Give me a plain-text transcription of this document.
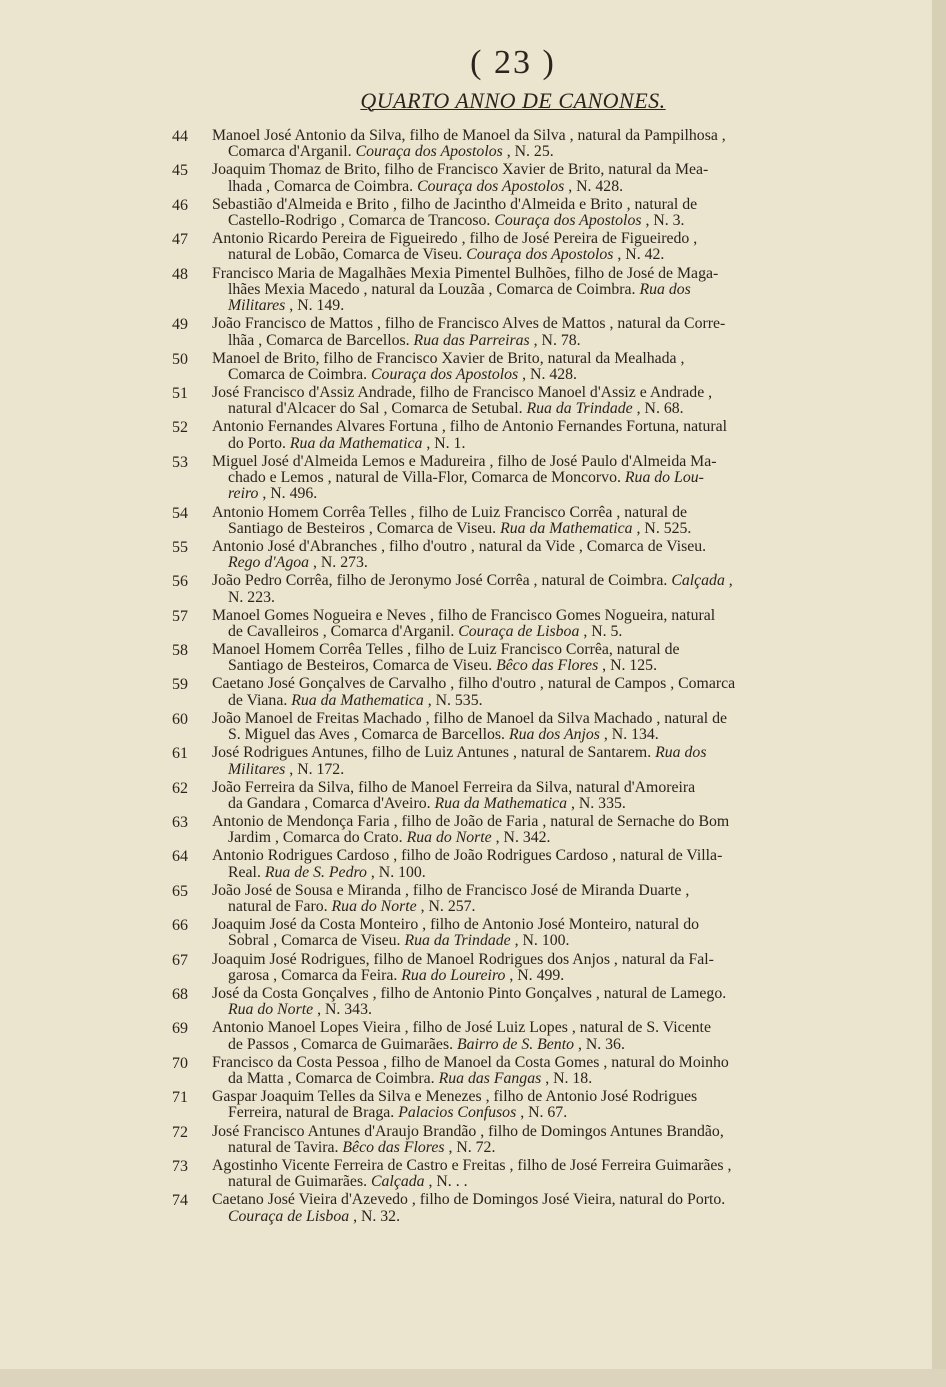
( 23 )
QUARTO ANNO DE CANONES.
44 Manoel José Antonio da Silva, filho de Manoel da Silva , natural da Pampilhosa ,
Comarca d'Arganil. Couraça dos Apostolos , N. 25.
45 Joaquim Thomaz de Brito, filho de Francisco Xavier de Brito, natural da Mea-
lhada , Comarca de Coimbra. Couraça dos Apostolos , N. 428.
46 Sebastião d'Almeida e Brito , filho de Jacintho d'Almeida e Brito , natural de
Castello-Rodrigo , Comarca de Trancoso. Couraça dos Apostolos , N. 3.
47 Antonio Ricardo Pereira de Figueiredo , filho de José Pereira de Figueiredo ,
natural de Lobão, Comarca de Viseu. Couraça dos Apostolos , N. 42.
48 Francisco Maria de Magalhães Mexia Pimentel Bulhões, filho de José de Maga-
lhães Mexia Macedo , natural da Louzãa , Comarca de Coimbra. Rua dos
Militares , N. 149.
49 João Francisco de Mattos , filho de Francisco Alves de Mattos , natural da Corre-
lhãa , Comarca de Barcellos. Rua das Parreiras , N. 78.
50 Manoel de Brito, filho de Francisco Xavier de Brito, natural da Mealhada ,
Comarca de Coimbra. Couraça dos Apostolos , N. 428.
51 José Francisco d'Assiz Andrade, filho de Francisco Manoel d'Assiz e Andrade ,
natural d'Alcacer do Sal , Comarca de Setubal. Rua da Trindade , N. 68.
52 Antonio Fernandes Alvares Fortuna , filho de Antonio Fernandes Fortuna, natural
do Porto. Rua da Mathematica , N. 1.
53 Miguel José d'Almeida Lemos e Madureira , filho de José Paulo d'Almeida Ma-
chado e Lemos , natural de Villa-Flor, Comarca de Moncorvo. Rua do Lou-
reiro , N. 496.
54 Antonio Homem Corrêa Telles , filho de Luiz Francisco Corrêa , natural de
Santiago de Besteiros , Comarca de Viseu. Rua da Mathematica , N. 525.
55 Antonio José d'Abranches , filho d'outro , natural da Vide , Comarca de Viseu.
Rego d'Agoa , N. 273.
56 João Pedro Corrêa, filho de Jeronymo José Corrêa , natural de Coimbra. Calçada ,
N. 223.
57 Manoel Gomes Nogueira e Neves , filho de Francisco Gomes Nogueira, natural
de Cavalleiros , Comarca d'Arganil. Couraça de Lisboa , N. 5.
58 Manoel Homem Corrêa Telles , filho de Luiz Francisco Corrêa, natural de
Santiago de Besteiros, Comarca de Viseu. Bêco das Flores , N. 125.
59 Caetano José Gonçalves de Carvalho , filho d'outro , natural de Campos , Comarca
de Viana. Rua da Mathematica , N. 535.
60 João Manoel de Freitas Machado , filho de Manoel da Silva Machado , natural de
S. Miguel das Aves , Comarca de Barcellos. Rua dos Anjos , N. 134.
61 José Rodrigues Antunes, filho de Luiz Antunes , natural de Santarem. Rua dos
Militares , N. 172.
62 João Ferreira da Silva, filho de Manoel Ferreira da Silva, natural d'Amoreira
da Gandara , Comarca d'Aveiro. Rua da Mathematica , N. 335.
63 Antonio de Mendonça Faria , filho de João de Faria , natural de Sernache do Bom
Jardim , Comarca do Crato. Rua do Norte , N. 342.
64 Antonio Rodrigues Cardoso , filho de João Rodrigues Cardoso , natural de Villa-
Real. Rua de S. Pedro , N. 100.
65 João José de Sousa e Miranda , filho de Francisco José de Miranda Duarte ,
natural de Faro. Rua do Norte , N. 257.
66 Joaquim José da Costa Monteiro , filho de Antonio José Monteiro, natural do
Sobral , Comarca de Viseu. Rua da Trindade , N. 100.
67 Joaquim José Rodrigues, filho de Manoel Rodrigues dos Anjos , natural da Fal-
garosa , Comarca da Feira. Rua do Loureiro , N. 499.
68 José da Costa Gonçalves , filho de Antonio Pinto Gonçalves , natural de Lamego.
Rua do Norte , N. 343.
69 Antonio Manoel Lopes Vieira , filho de José Luiz Lopes , natural de S. Vicente
de Passos , Comarca de Guimarães. Bairro de S. Bento , N. 36.
70 Francisco da Costa Pessoa , filho de Manoel da Costa Gomes , natural do Moinho
da Matta , Comarca de Coimbra. Rua das Fangas , N. 18.
71 Gaspar Joaquim Telles da Silva e Menezes , filho de Antonio José Rodrigues
Ferreira, natural de Braga. Palacios Confusos , N. 67.
72 José Francisco Antunes d'Araujo Brandão , filho de Domingos Antunes Brandão,
natural de Tavira. Bêco das Flores , N. 72.
73 Agostinho Vicente Ferreira de Castro e Freitas , filho de José Ferreira Guimarães ,
natural de Guimarães. Calçada , N. . .
74 Caetano José Vieira d'Azevedo , filho de Domingos José Vieira, natural do Porto.
Couraça de Lisboa , N. 32.
